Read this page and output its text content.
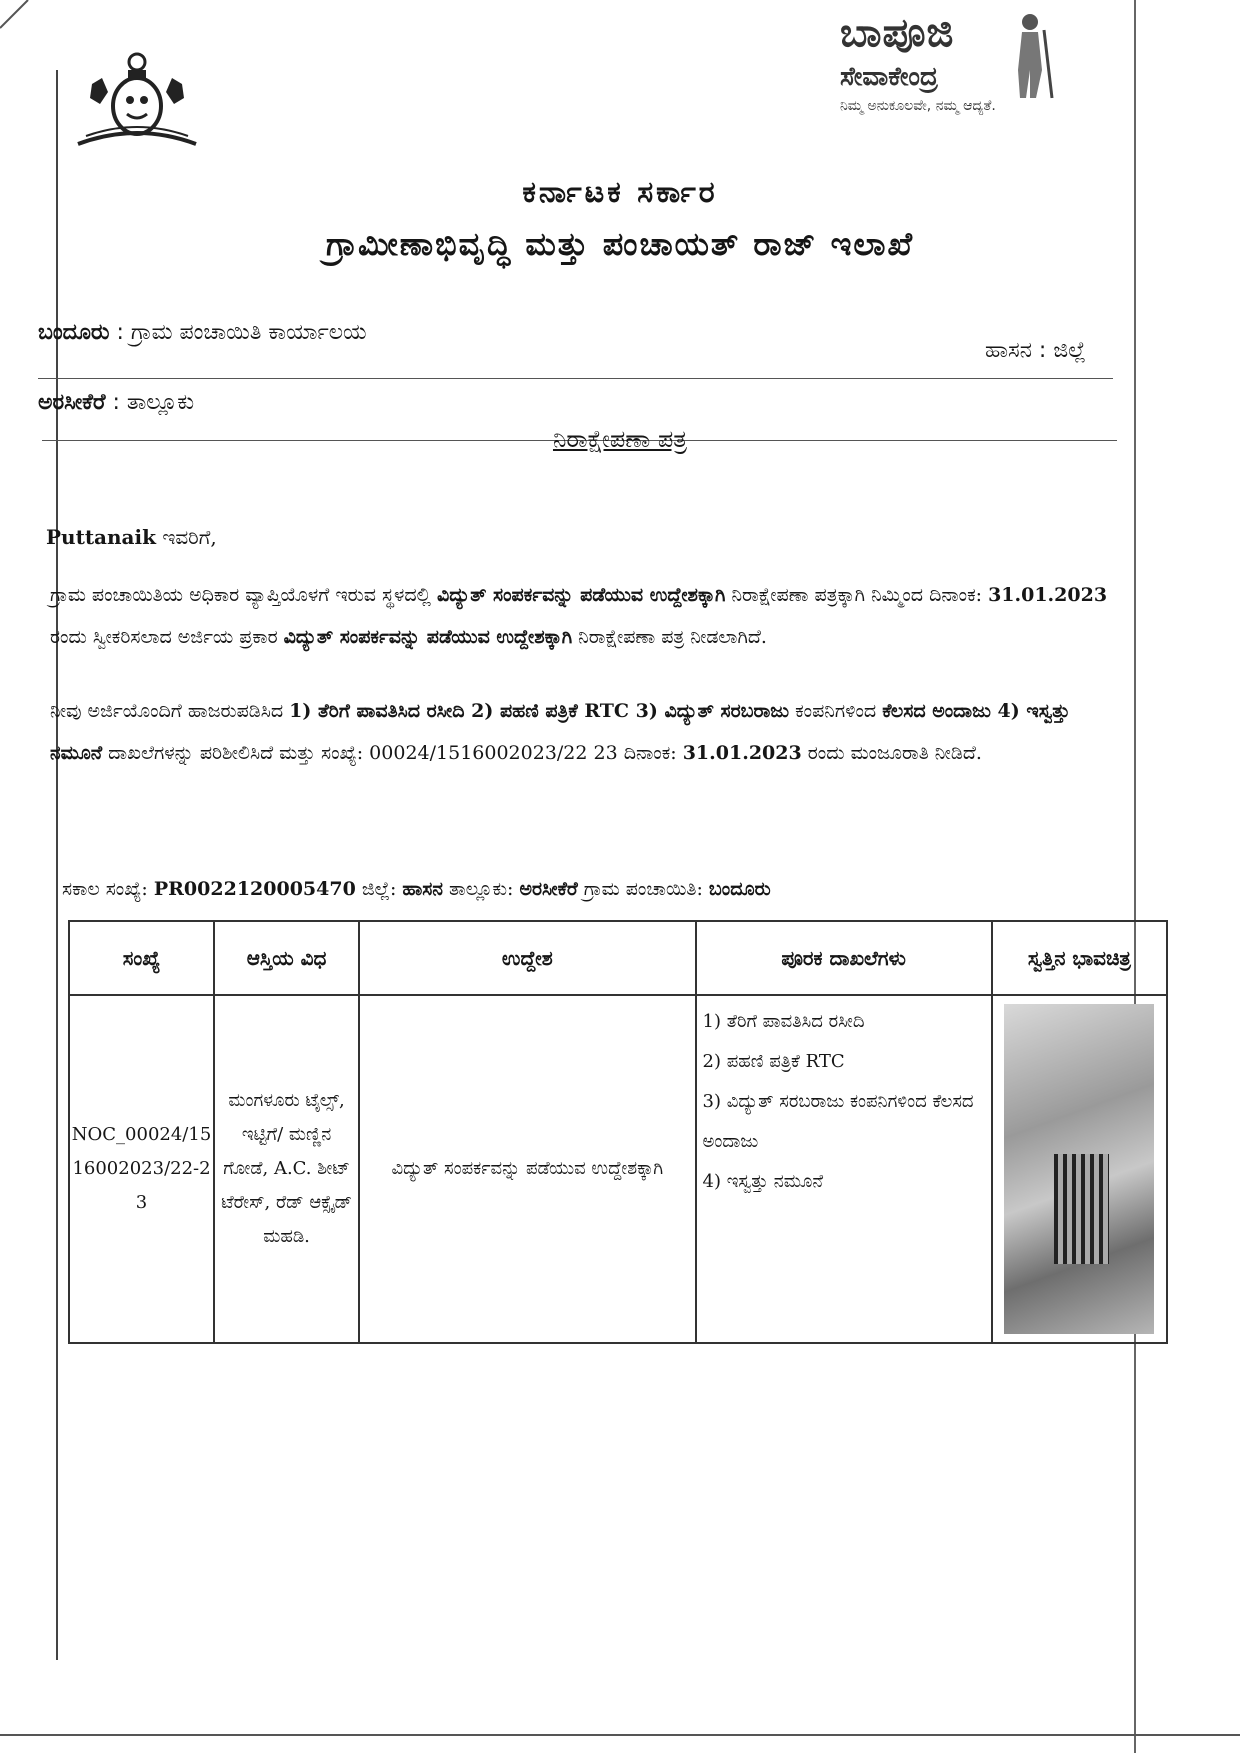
ಬಾಪೂಜಿ
ಸೇವಾಕೇಂದ್ರ
ನಿಮ್ಮ ಅನುಕೂಲವೇ, ನಮ್ಮ ಆದ್ಯತೆ.
ಕರ್ನಾಟಕ ಸರ್ಕಾರ
ಗ್ರಾಮೀಣಾಭಿವೃದ್ಧಿ ಮತ್ತು ಪಂಚಾಯತ್ ರಾಜ್ ಇಲಾಖೆ
ಬಂದೂರು : ಗ್ರಾಮ ಪಂಚಾಯಿತಿ ಕಾರ್ಯಾಲಯ
ಹಾಸನ : ಜಿಲ್ಲೆ
ಅರಸೀಕೆರೆ : ತಾಲ್ಲೂಕು
ನಿರಾಕ್ಷೇಪಣಾ ಪತ್ರ
Puttanaik ಇವರಿಗೆ,
ಗ್ರಾಮ ಪಂಚಾಯಿತಿಯ ಅಧಿಕಾರ ವ್ಯಾಪ್ತಿಯೊಳಗೆ ಇರುವ ಸ್ಥಳದಲ್ಲಿ ವಿದ್ಯುತ್ ಸಂಪರ್ಕವನ್ನು ಪಡೆಯುವ ಉದ್ದೇಶಕ್ಕಾಗಿ ನಿರಾಕ್ಷೇಪಣಾ ಪತ್ರಕ್ಕಾಗಿ ನಿಮ್ಮಿಂದ ದಿನಾಂಕ: 31.01.2023 ರಂದು ಸ್ವೀಕರಿಸಲಾದ ಅರ್ಜಿಯ ಪ್ರಕಾರ ವಿದ್ಯುತ್ ಸಂಪರ್ಕವನ್ನು ಪಡೆಯುವ ಉದ್ದೇಶಕ್ಕಾಗಿ ನಿರಾಕ್ಷೇಪಣಾ ಪತ್ರ ನೀಡಲಾಗಿದೆ.
ನೀವು ಅರ್ಜಿಯೊಂದಿಗೆ ಹಾಜರುಪಡಿಸಿದ 1) ತೆರಿಗೆ ಪಾವತಿಸಿದ ರಸೀದಿ 2) ಪಹಣಿ ಪತ್ರಿಕೆ RTC 3) ವಿದ್ಯುತ್ ಸರಬರಾಜು ಕಂಪನಿಗಳಿಂದ ಕೆಲಸದ ಅಂದಾಜು 4) ಇಸ್ವತ್ತು ನಮೂನೆ ದಾಖಲೆಗಳನ್ನು ಪರಿಶೀಲಿಸಿದೆ ಮತ್ತು ಸಂಖ್ಯೆ: 00024/1516002023/22 23 ದಿನಾಂಕ: 31.01.2023 ರಂದು ಮಂಜೂರಾತಿ ನೀಡಿದೆ.
ಸಕಾಲ ಸಂಖ್ಯೆ: PR0022120005470 ಜಿಲ್ಲೆ: ಹಾಸನ ತಾಲ್ಲೂಕು: ಅರಸೀಕೆರೆ ಗ್ರಾಮ ಪಂಚಾಯಿತಿ: ಬಂದೂರು
ಸಂಖ್ಯೆ	ಆಸ್ತಿಯ ವಿಧ	ಉದ್ದೇಶ	ಪೂರಕ ದಾಖಲೆಗಳು	ಸ್ವತ್ತಿನ ಭಾವಚಿತ್ರ
NOC_00024/1516002023/22-23	ಮಂಗಳೂರು ಟೈಲ್ಸ್, ಇಟ್ಟಿಗೆ/ ಮಣ್ಣಿನ ಗೋಡೆ, A.C. ಶೀಟ್ ಟೆರೇಸ್, ರೆಡ್ ಆಕ್ಸೈಡ್ ಮಹಡಿ.	ವಿದ್ಯುತ್ ಸಂಪರ್ಕವನ್ನು ಪಡೆಯುವ ಉದ್ದೇಶಕ್ಕಾಗಿ	1) ತೆರಿಗೆ ಪಾವತಿಸಿದ ರಸೀದಿ
2) ಪಹಣಿ ಪತ್ರಿಕೆ RTC
3) ವಿದ್ಯುತ್ ಸರಬರಾಜು ಕಂಪನಿಗಳಿಂದ ಕೆಲಸದ ಅಂದಾಜು
4) ಇಸ್ವತ್ತು ನಮೂನೆ	
